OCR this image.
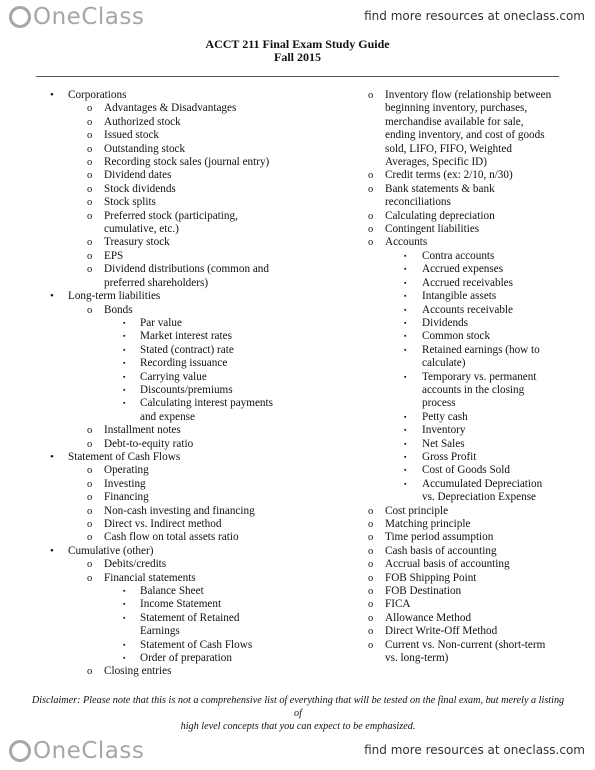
OneClass	find more resources at oneclass.com
ACCT 211 Final Exam Study Guide
Fall 2015
• Corporations
o Advantages & Disadvantages
o Authorized stock
o Issued stock
o Outstanding stock
o Recording stock sales (journal entry)
o Dividend dates
o Stock dividends
o Stock splits
o Preferred stock (participating,
cumulative, etc.)
o Treasury stock
o EPS
o Dividend distributions (common and
preferred shareholders)
• Long-term liabilities
o Bonds
▪ Par value
▪ Market interest rates
▪ Stated (contract) rate
▪ Recording issuance
▪ Carrying value
▪ Discounts/premiums
▪ Calculating interest payments
and expense
o Installment notes
o Debt-to-equity ratio
• Statement of Cash Flows
o Operating
o Investing
o Financing
o Non-cash investing and financing
o Direct vs. Indirect method
o Cash flow on total assets ratio
• Cumulative (other)
o Debits/credits
o Financial statements
▪ Balance Sheet
▪ Income Statement
▪ Statement of Retained
Earnings
▪ Statement of Cash Flows
▪ Order of preparation
o Closing entries
o Inventory flow (relationship between
beginning inventory, purchases,
merchandise available for sale,
ending inventory, and cost of goods
sold, LIFO, FIFO, Weighted
Averages, Specific ID)
o Credit terms (ex: 2/10, n/30)
o Bank statements & bank
reconciliations
o Calculating depreciation
o Contingent liabilities
o Accounts
▪ Contra accounts
▪ Accrued expenses
▪ Accrued receivables
▪ Intangible assets
▪ Accounts receivable
▪ Dividends
▪ Common stock
▪ Retained earnings (how to
calculate)
▪ Temporary vs. permanent
accounts in the closing
process
▪ Petty cash
▪ Inventory
▪ Net Sales
▪ Gross Profit
▪ Cost of Goods Sold
▪ Accumulated Depreciation
vs. Depreciation Expense
o Cost principle
o Matching principle
o Time period assumption
o Cash basis of accounting
o Accrual basis of accounting
o FOB Shipping Point
o FOB Destination
o FICA
o Allowance Method
o Direct Write-Off Method
o Current vs. Non-current (short-term
vs. long-term)
Disclaimer: Please note that this is not a comprehensive list of everything that will be tested on the final exam, but merely a listing of
high level concepts that you can expect to be emphasized.
OneClass	find more resources at oneclass.com
